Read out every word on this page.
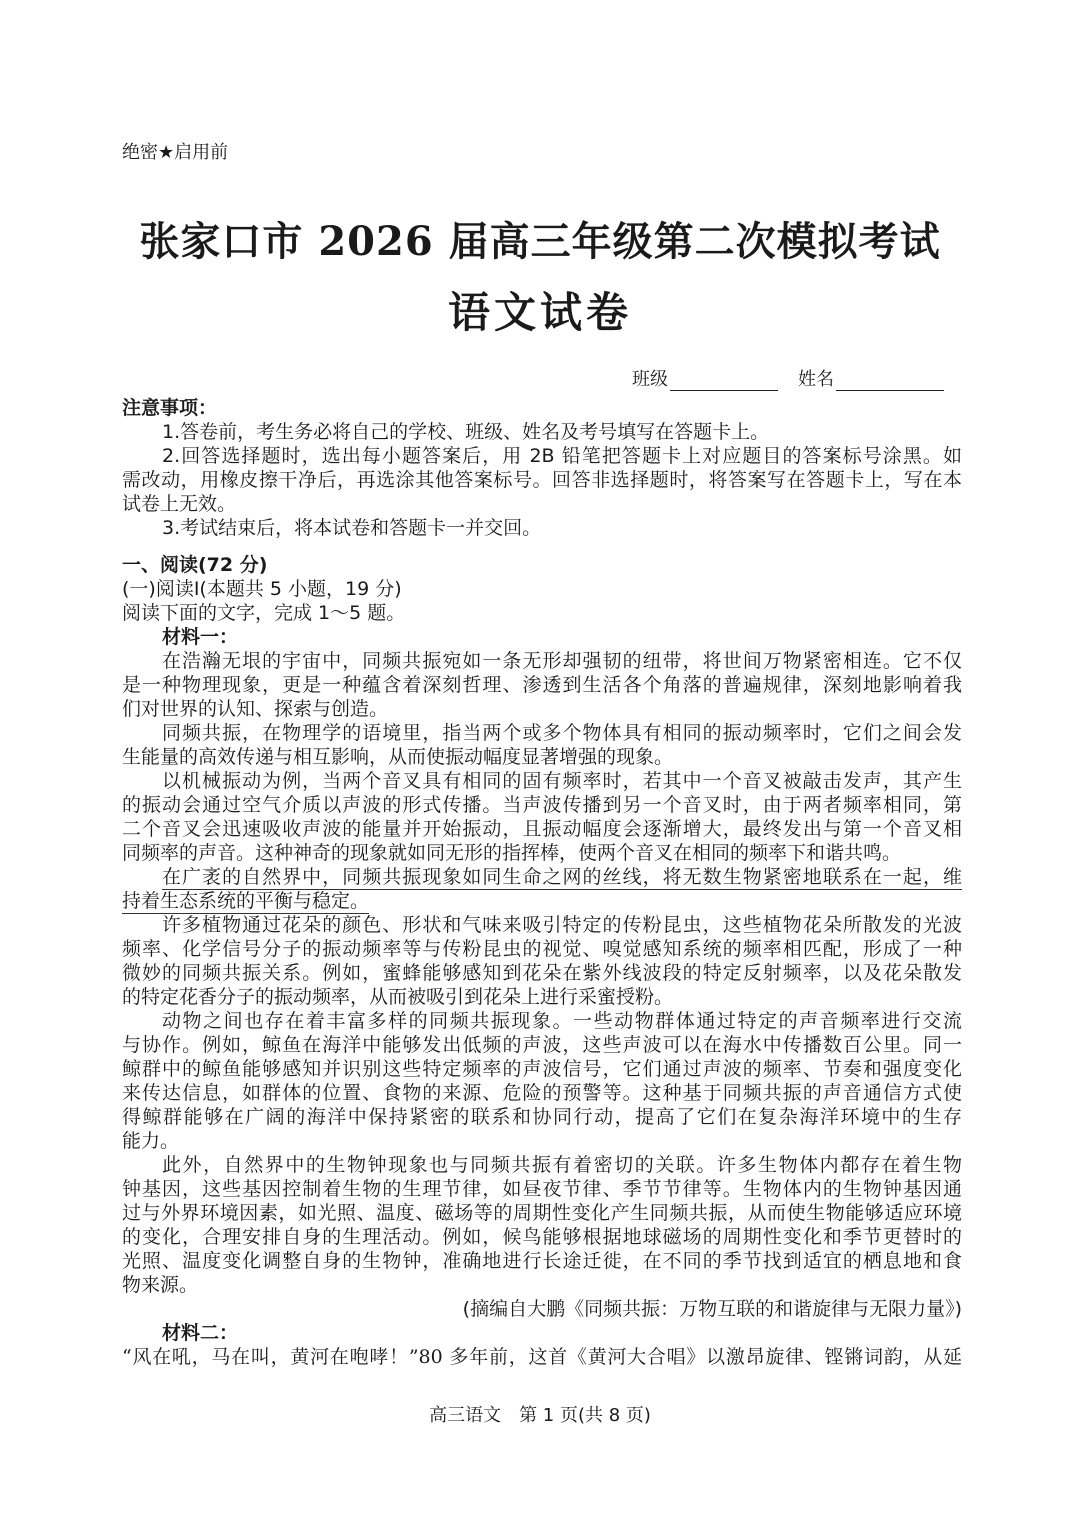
绝密★启用前
张家口市 2026 届高三年级第二次模拟考试
语文试卷
班级	姓名
注意事项：
1.答卷前，考生务必将自己的学校、班级、姓名及考号填写在答题卡上。
2.回答选择题时，选出每小题答案后，用 2B 铅笔把答题卡上对应题目的答案标号涂黑。如
需改动，用橡皮擦干净后，再选涂其他答案标号。回答非选择题时，将答案写在答题卡上，写在本
试卷上无效。
3.考试结束后，将本试卷和答题卡一并交回。
一、阅读(72 分)
(一)阅读Ⅰ(本题共 5 小题，19 分)
阅读下面的文字，完成 1～5 题。
材料一：
在浩瀚无垠的宇宙中，同频共振宛如一条无形却强韧的纽带，将世间万物紧密相连。它不仅
是一种物理现象，更是一种蕴含着深刻哲理、渗透到生活各个角落的普遍规律，深刻地影响着我
们对世界的认知、探索与创造。
同频共振，在物理学的语境里，指当两个或多个物体具有相同的振动频率时，它们之间会发
生能量的高效传递与相互影响，从而使振动幅度显著增强的现象。
以机械振动为例，当两个音叉具有相同的固有频率时，若其中一个音叉被敲击发声，其产生
的振动会通过空气介质以声波的形式传播。当声波传播到另一个音叉时，由于两者频率相同，第
二个音叉会迅速吸收声波的能量并开始振动，且振动幅度会逐渐增大，最终发出与第一个音叉相
同频率的声音。这种神奇的现象就如同无形的指挥棒，使两个音叉在相同的频率下和谐共鸣。
在广袤的自然界中，同频共振现象如同生命之网的丝线，将无数生物紧密地联系在一起，维
持着生态系统的平衡与稳定。
许多植物通过花朵的颜色、形状和气味来吸引特定的传粉昆虫，这些植物花朵所散发的光波
频率、化学信号分子的振动频率等与传粉昆虫的视觉、嗅觉感知系统的频率相匹配，形成了一种
微妙的同频共振关系。例如，蜜蜂能够感知到花朵在紫外线波段的特定反射频率，以及花朵散发
的特定花香分子的振动频率，从而被吸引到花朵上进行采蜜授粉。
动物之间也存在着丰富多样的同频共振现象。一些动物群体通过特定的声音频率进行交流
与协作。例如，鲸鱼在海洋中能够发出低频的声波，这些声波可以在海水中传播数百公里。同一
鲸群中的鲸鱼能够感知并识别这些特定频率的声波信号，它们通过声波的频率、节奏和强度变化
来传达信息，如群体的位置、食物的来源、危险的预警等。这种基于同频共振的声音通信方式使
得鲸群能够在广阔的海洋中保持紧密的联系和协同行动，提高了它们在复杂海洋环境中的生存
能力。
此外，自然界中的生物钟现象也与同频共振有着密切的关联。许多生物体内都存在着生物
钟基因，这些基因控制着生物的生理节律，如昼夜节律、季节节律等。生物体内的生物钟基因通
过与外界环境因素，如光照、温度、磁场等的周期性变化产生同频共振，从而使生物能够适应环境
的变化，合理安排自身的生理活动。例如，候鸟能够根据地球磁场的周期性变化和季节更替时的
光照、温度变化调整自身的生物钟，准确地进行长途迁徙，在不同的季节找到适宜的栖息地和食
物来源。
(摘编自大鹏《同频共振：万物互联的和谐旋律与无限力量》)
材料二：
“风在吼，马在叫，黄河在咆哮！”80 多年前，这首《黄河大合唱》以激昂旋律、铿锵词韵，从延
高三语文　第 1 页(共 8 页)
